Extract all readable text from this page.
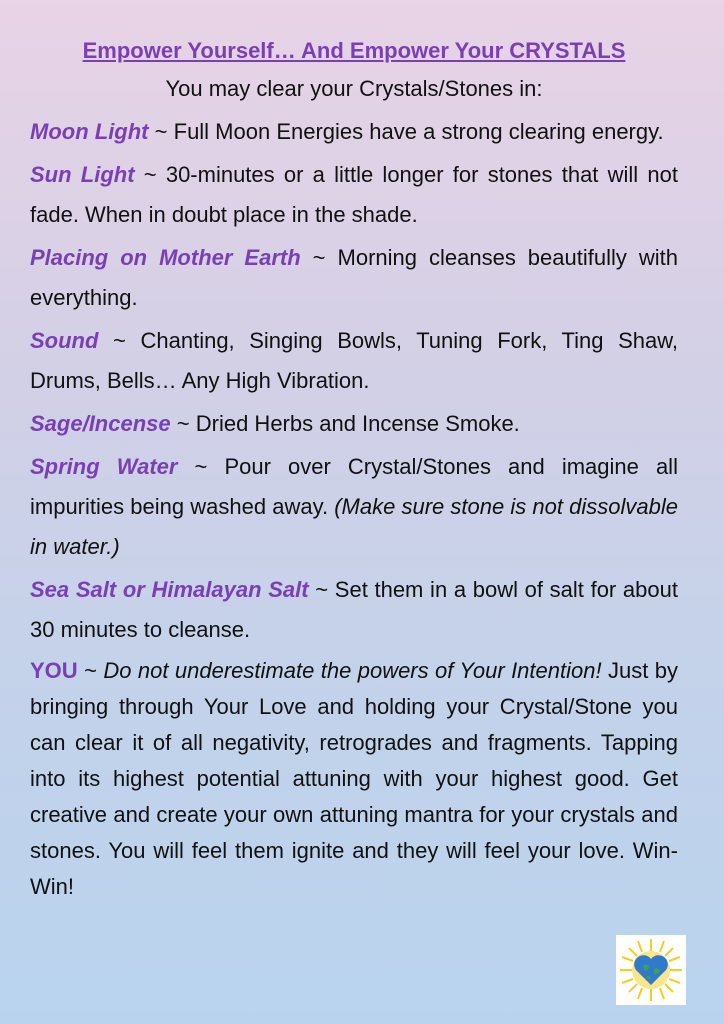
Empower Yourself… And Empower Your CRYSTALS
You may clear your Crystals/Stones in:
Moon Light ~ Full Moon Energies have a strong clearing energy.
Sun Light ~ 30-minutes or a little longer for stones that will not fade. When in doubt place in the shade.
Placing on Mother Earth ~ Morning cleanses beautifully with everything.
Sound ~ Chanting, Singing Bowls, Tuning Fork, Ting Shaw, Drums, Bells… Any High Vibration.
Sage/Incense ~ Dried Herbs and Incense Smoke.
Spring Water ~ Pour over Crystal/Stones and imagine all impurities being washed away. (Make sure stone is not dissolvable in water.)
Sea Salt or Himalayan Salt ~ Set them in a bowl of salt for about 30 minutes to cleanse.
YOU ~ Do not underestimate the powers of Your Intention! Just by bringing through Your Love and holding your Crystal/Stone you can clear it of all negativity, retrogrades and fragments. Tapping into its highest potential attuning with your highest good. Get creative and create your own attuning mantra for your crystals and stones. You will feel them ignite and they will feel your love. Win-Win!
